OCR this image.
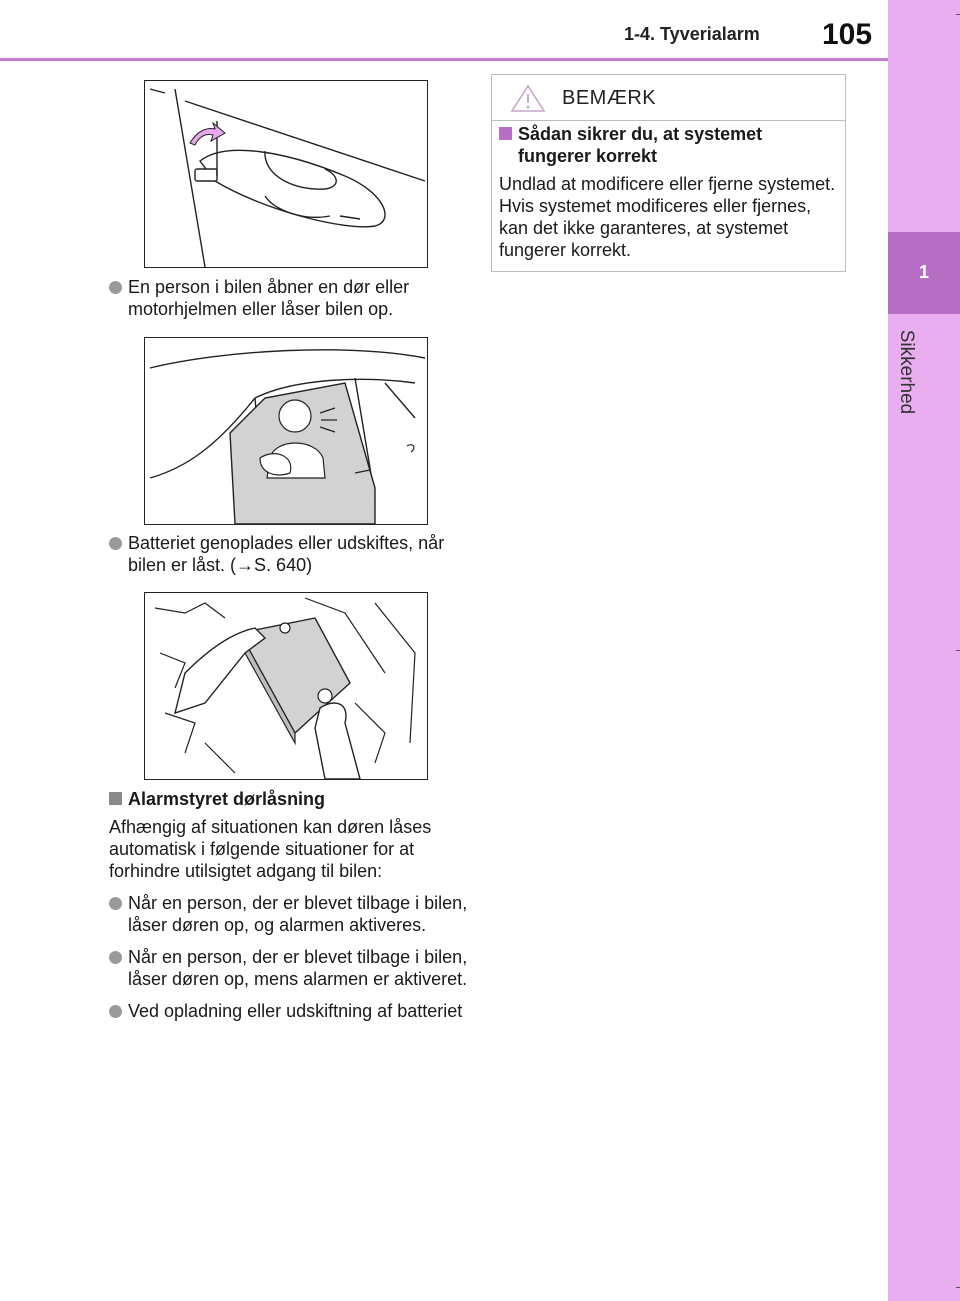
1
Sikkerhed
1-4. Tyverialarm 105
En person i bilen åbner en dør eller motorhjelmen eller låser bilen op.
Batteriet genoplades eller udskiftes, når bilen er låst. (→S. 640)
Alarmstyret dørlåsning
Afhængig af situationen kan døren låses automatisk i følgende situationer for at forhindre utilsigtet adgang til bilen:
Når en person, der er blevet tilbage i bilen, låser døren op, og alarmen aktiveres.
Når en person, der er blevet tilbage i bilen, låser døren op, mens alarmen er aktiveret.
Ved opladning eller udskiftning af batteriet
BEMÆRK
Sådan sikrer du, at systemet fungerer korrekt
Undlad at modificere eller fjerne systemet. Hvis systemet modificeres eller fjernes, kan det ikke garanteres, at systemet fungerer korrekt.
